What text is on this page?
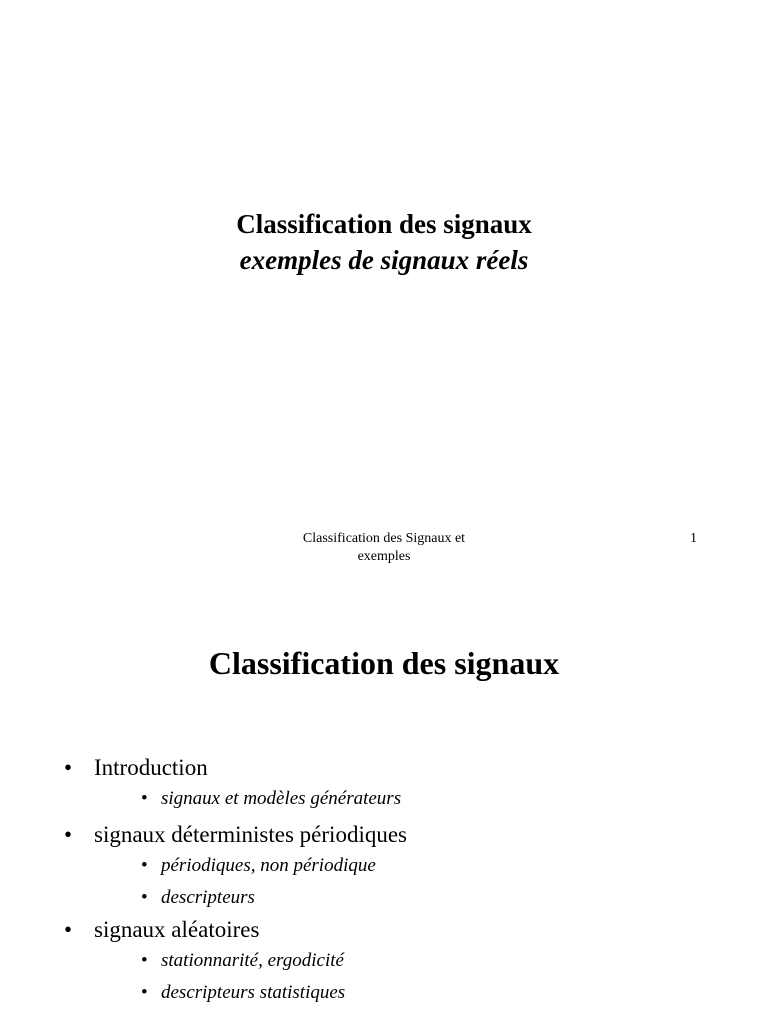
Classification des signaux
exemples de signaux réels
Classification des Signaux et
exemples
1
Classification des signaux
• Introduction
• signaux et modèles générateurs
• signaux déterministes périodiques
• périodiques, non périodique
• descripteurs
• signaux aléatoires
• stationnarité, ergodicité
• descripteurs statistiques
